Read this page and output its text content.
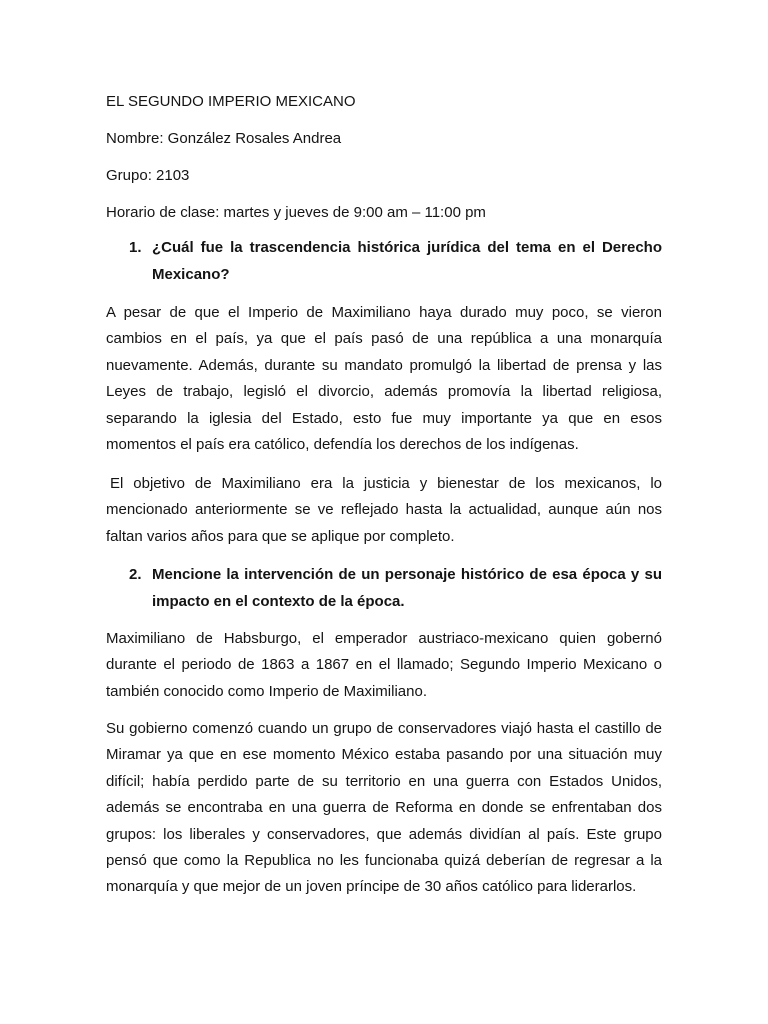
EL SEGUNDO IMPERIO MEXICANO
Nombre: González Rosales Andrea
Grupo: 2103
Horario de clase: martes y jueves de 9:00 am – 11:00 pm
1. ¿Cuál fue la trascendencia histórica jurídica del tema en el Derecho Mexicano?
A pesar de que el Imperio de Maximiliano haya durado muy poco, se vieron cambios en el país, ya que el país pasó de una república a una monarquía nuevamente. Además, durante su mandato promulgó la libertad de prensa y las Leyes de trabajo, legisló el divorcio, además promovía la libertad religiosa, separando la iglesia del Estado, esto fue muy importante ya que en esos momentos el país era católico, defendía los derechos de los indígenas.
El objetivo de Maximiliano era la justicia y bienestar de los mexicanos, lo mencionado anteriormente se ve reflejado hasta la actualidad, aunque aún nos faltan varios años para que se aplique por completo.
2. Mencione la intervención de un personaje histórico de esa época y su impacto en el contexto de la época.
Maximiliano de Habsburgo, el emperador austriaco-mexicano quien gobernó durante el periodo de 1863 a 1867 en el llamado; Segundo Imperio Mexicano o también conocido como Imperio de Maximiliano.
Su gobierno comenzó cuando un grupo de conservadores viajó hasta el castillo de Miramar ya que en ese momento México estaba pasando por una situación muy difícil; había perdido parte de su territorio en una guerra con Estados Unidos, además se encontraba en una guerra de Reforma en donde se enfrentaban dos grupos: los liberales y conservadores, que además dividían al país. Este grupo pensó que como la Republica no les funcionaba quizá deberían de regresar a la monarquía y que mejor de un joven príncipe de 30 años católico para liderarlos.
